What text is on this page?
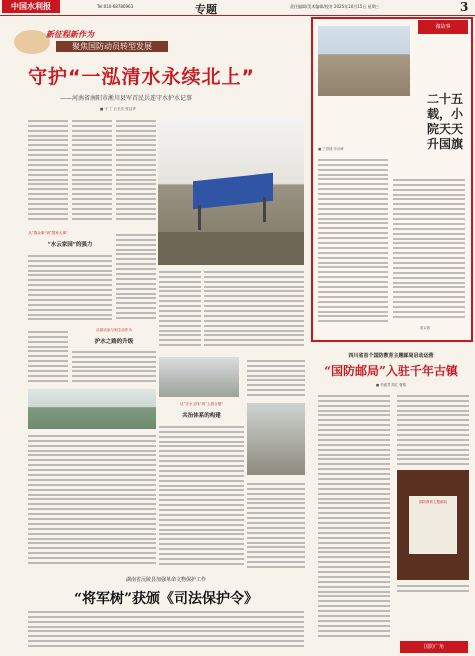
中国水利报	Tel:010-68786963	专题	责任编辑/美术编辑/校对 2025年10月15日 星期三	3
新征程新作为
聚焦国防动员转型发展
守护“一泓清水永续北上”
——河南省南阳市淅川县军首民兵连守水护水记事
■ 于 丁 石长庆 张启华
从“群众事”到“国家大事”
“水云家园”的强力
从被动参与到主动作为
护水之路的升级
从“守水卫线”到“上游合璧”
共治体系的构建
湖南省沅陵县加强革命文物保护工作
“将军树”获颁《司法保护令》
微故事
二十五载，小院天天升国旗
■ 王群楠 李岩峰
翟双旗
四川省首个国防教育主题邮局启动运营
“国防邮局”入驻千年古镇
■ 李盛君 胡汇 曹锦
国防教育主题邮局
国防广角
